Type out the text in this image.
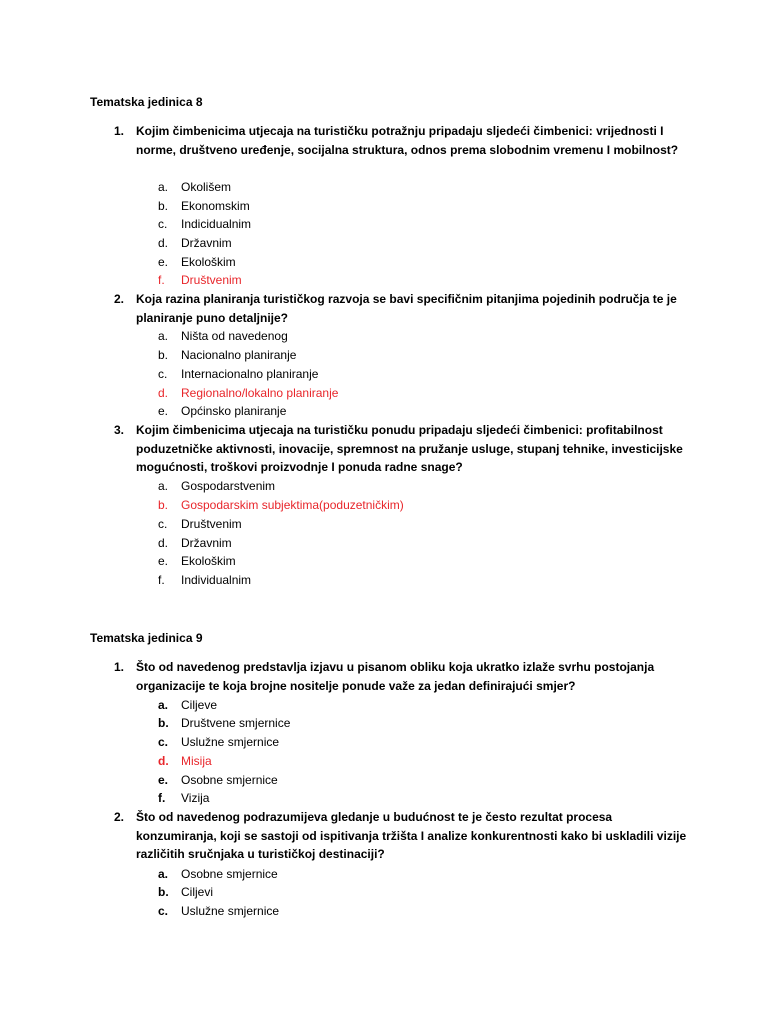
Tematska jedinica 8
1. Kojim čimbenicima utjecaja na turističku potražnju pripadaju sljedeći čimbenici: vrijednosti I norme, društveno uređenje, socijalna struktura, odnos prema slobodnim vremenu I mobilnost?
a. Okolišem
b. Ekonomskim
c. Indicidualnim
d. Državnim
e. Ekološkim
f. Društvenim
2. Koja razina planiranja turističkog razvoja se bavi specifičnim pitanjima pojedinih područja te je planiranje puno detaljnije?
a. Ništa od navedenog
b. Nacionalno planiranje
c. Internacionalno planiranje
d. Regionalno/lokalno planiranje
e. Općinsko planiranje
3. Kojim čimbenicima utjecaja na turističku ponudu pripadaju sljedeći čimbenici: profitabilnost poduzetničke aktivnosti, inovacije, spremnost na pružanje usluge, stupanj tehnike, investicijske mogućnosti, troškovi proizvodnje I ponuda radne snage?
a. Gospodarstvenim
b. Gospodarskim subjektima(poduzetničkim)
c. Društvenim
d. Državnim
e. Ekološkim
f. Individualnim
Tematska jedinica 9
1. Što od navedenog predstavlja izjavu u pisanom obliku koja ukratko izlaže svrhu postojanja organizacije te koja brojne nositelje ponude važe za jedan definirajući smjer?
a. Ciljeve
b. Društvene smjernice
c. Uslužne smjernice
d. Misija
e. Osobne smjernice
f. Vizija
2. Što od navedenog podrazumijeva gledanje u budućnost te je često rezultat procesa konzumiranja, koji se sastoji od ispitivanja tržišta I analize konkurentnosti kako bi uskladili vizije različitih sručnjaka u turističkoj destinaciji?
a. Osobne smjernice
b. Ciljevi
c. Uslužne smjernice
